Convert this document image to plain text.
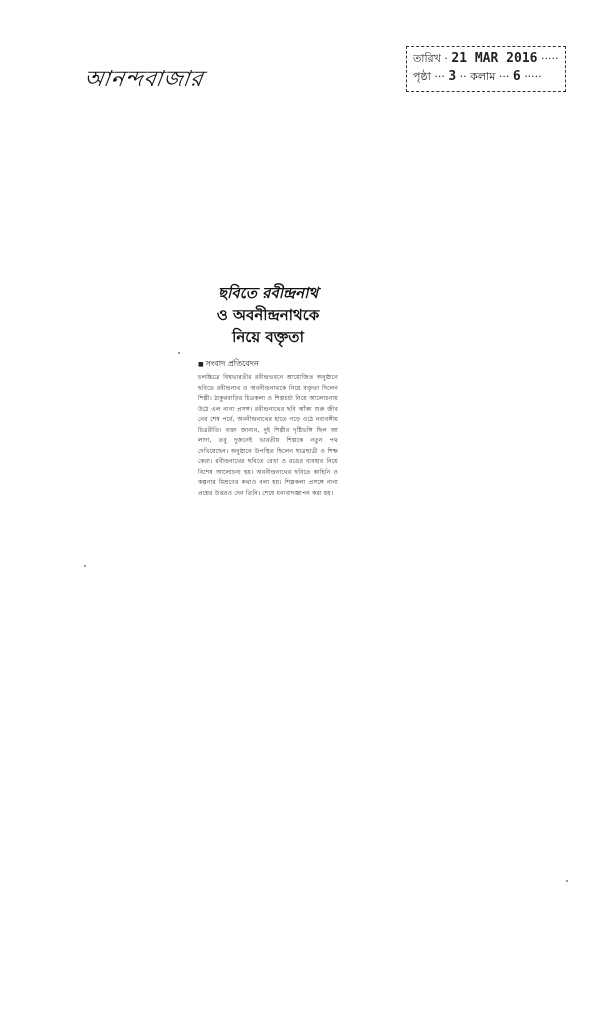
আনন্দবাজার
তারিখ · 21 MAR 2016 ·····
পৃষ্ঠা ··· 3 ·· কলাম ··· 6 ·····
ছবিতে রবীন্দ্রনাথ
ও অবনীন্দ্রনাথকে
নিয়ে বক্তৃতা
■ সংবাদ প্রতিবেদন
চলচ্চিত্রে বিশ্বভারতীর রবীন্দ্রভবনে আয়োজিত অনুষ্ঠানে ছবিতে রবীন্দ্রনাথ ও অবনীন্দ্রনাথকে নিয়ে বক্তৃতা দিলেন শিল্পী। ঠাকুরবাড়ির চিত্রকলা ও শিল্পচর্চা নিয়ে আলোচনায় উঠে এল নানা প্রসঙ্গ। রবীন্দ্রনাথের ছবি আঁকা শুরু জীবনের শেষ পর্বে, অবনীন্দ্রনাথের হাতে গড়ে ওঠে নব্যবঙ্গীয় চিত্ররীতি। বক্তা জানান, দুই শিল্পীর দৃষ্টিভঙ্গি ছিল আলাদা, তবু দুজনেই ভারতীয় শিল্পকে নতুন পথ দেখিয়েছেন। অনুষ্ঠানে উপস্থিত ছিলেন ছাত্রছাত্রী ও শিক্ষকেরা। রবীন্দ্রনাথের ছবিতে রেখা ও রঙের ব্যবহার নিয়ে বিশেষ আলোচনা হয়। অবনীন্দ্রনাথের ছবিতে কাহিনি ও কল্পনার মিশ্রণের কথাও বলা হয়। শিল্পকলা প্রসঙ্গে নানা প্রশ্নের উত্তরও দেন তিনি। শেষে ধন্যবাদজ্ঞাপন করা হয়।
